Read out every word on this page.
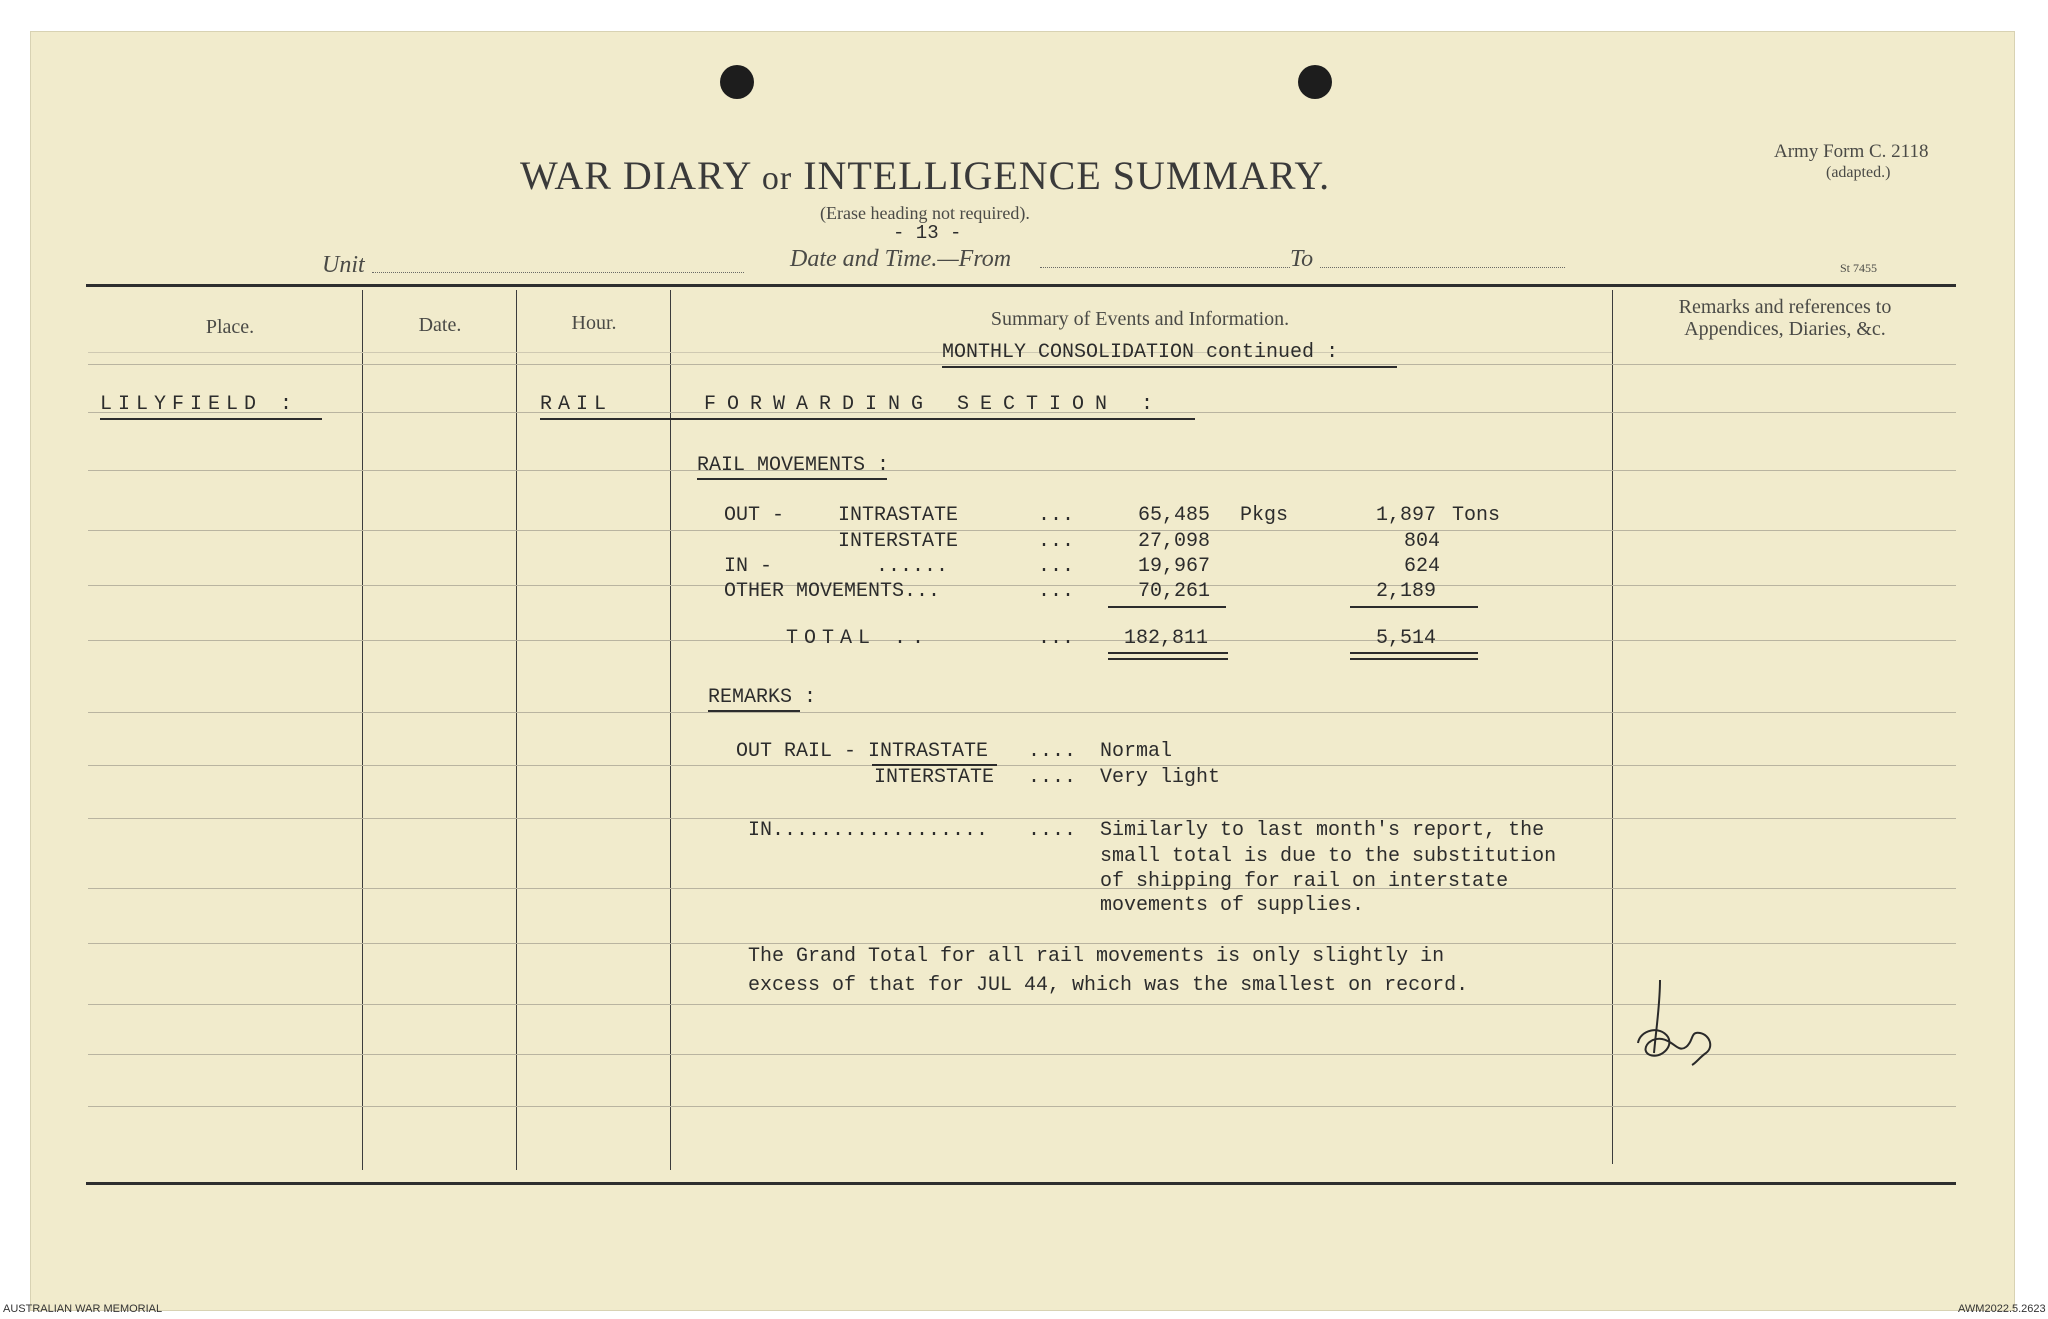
WAR DIARY or INTELLIGENCE SUMMARY.
(Erase heading not required).
- 13 -
Army Form C. 2118
(adapted.)
Unit	Date and Time.—From	To	St 7455
Place.	Date.	Hour.	Summary of Events and Information.
Remarks and references to
Appendices, Diaries, &c.
MONTHLY CONSOLIDATION continued :
LILYFIELD :	RAIL	FORWARDING SECTION :
RAIL MOVEMENTS :
OUT -	INTRASTATE	...	65,485 Pkgs	1,897 Tons
INTERSTATE	...	27,098	804
IN -	......	...	19,967	624
OTHER MOVEMENTS...	...	70,261	2,189
TOTAL ..	... 182,811	5,514
REMARKS :
OUT RAIL - INTRASTATE .... Normal
INTERSTATE .... Very light
IN.................. .... Similarly to last month's report, the
small total is due to the substitution
of shipping for rail on interstate
movements of supplies.
The Grand Total for all rail movements is only slightly in
excess of that for JUL 44, which was the smallest on record.
AUSTRALIAN WAR MEMORIAL	AWM2022.5.2623
